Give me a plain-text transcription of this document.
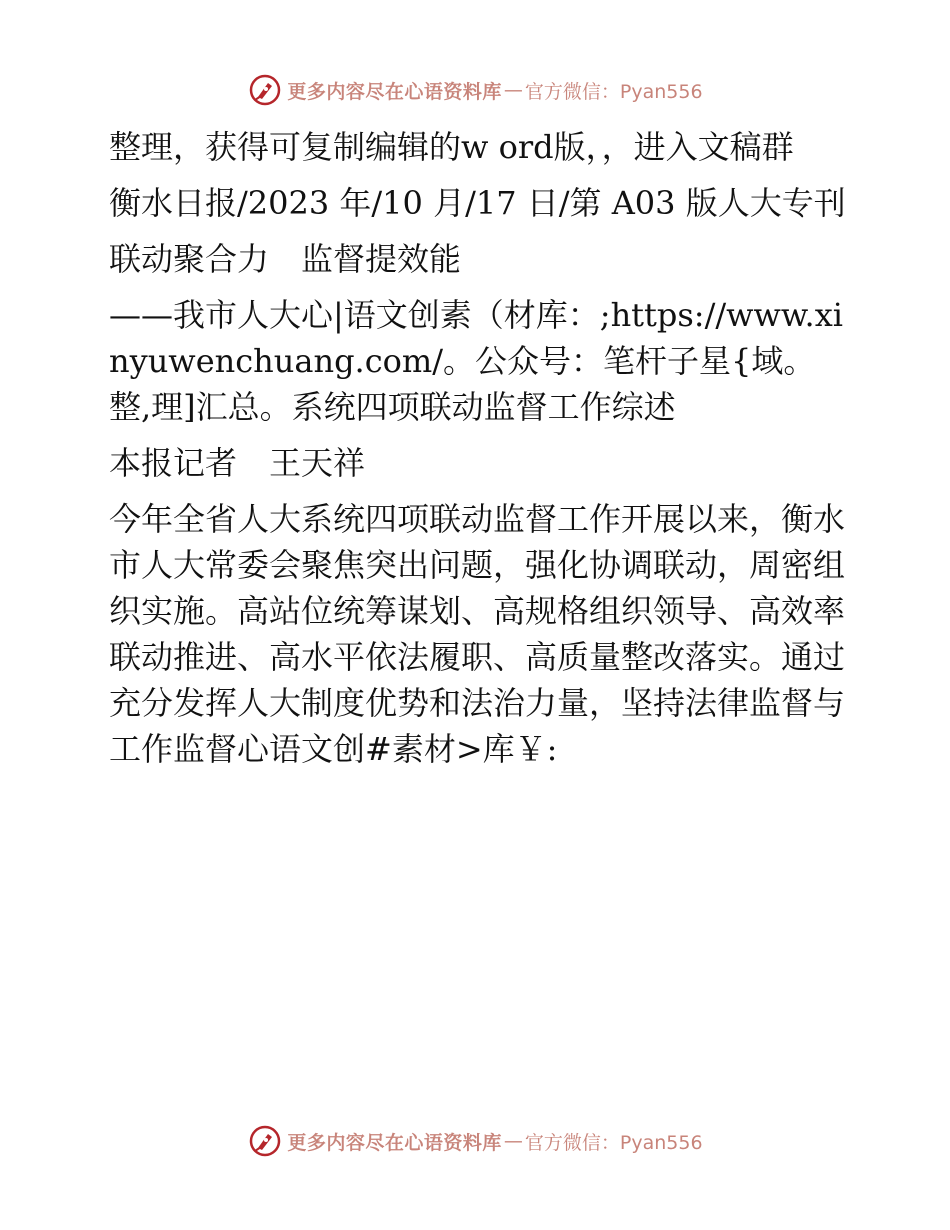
更多内容尽在心语资料库 — 官方微信：Pyan556

整理，获得可复制编辑的w ord版，，进入文稿群

衡水日报/2023 年/10 月/17 日/第 A03 版人大专刊

联动聚合力　监督提效能

——我市人大心|语文创素（材库：;https://www.xinyuwenchuang.com/。公众号：笔杆子星{域。整,理]汇总。系统四项联动监督工作综述

本报记者　王天祥

今年全省人大系统四项联动监督工作开展以来，衡水市人大常委会聚焦突出问题，强化协调联动，周密组织实施。高站位统筹谋划、高规格组织领导、高效率联动推进、高水平依法履职、高质量整改落实。通过充分发挥人大制度优势和法治力量，坚持法律监督与工作监督心语文创#素材>库￥:

更多内容尽在心语资料库 — 官方微信：Pyan556
